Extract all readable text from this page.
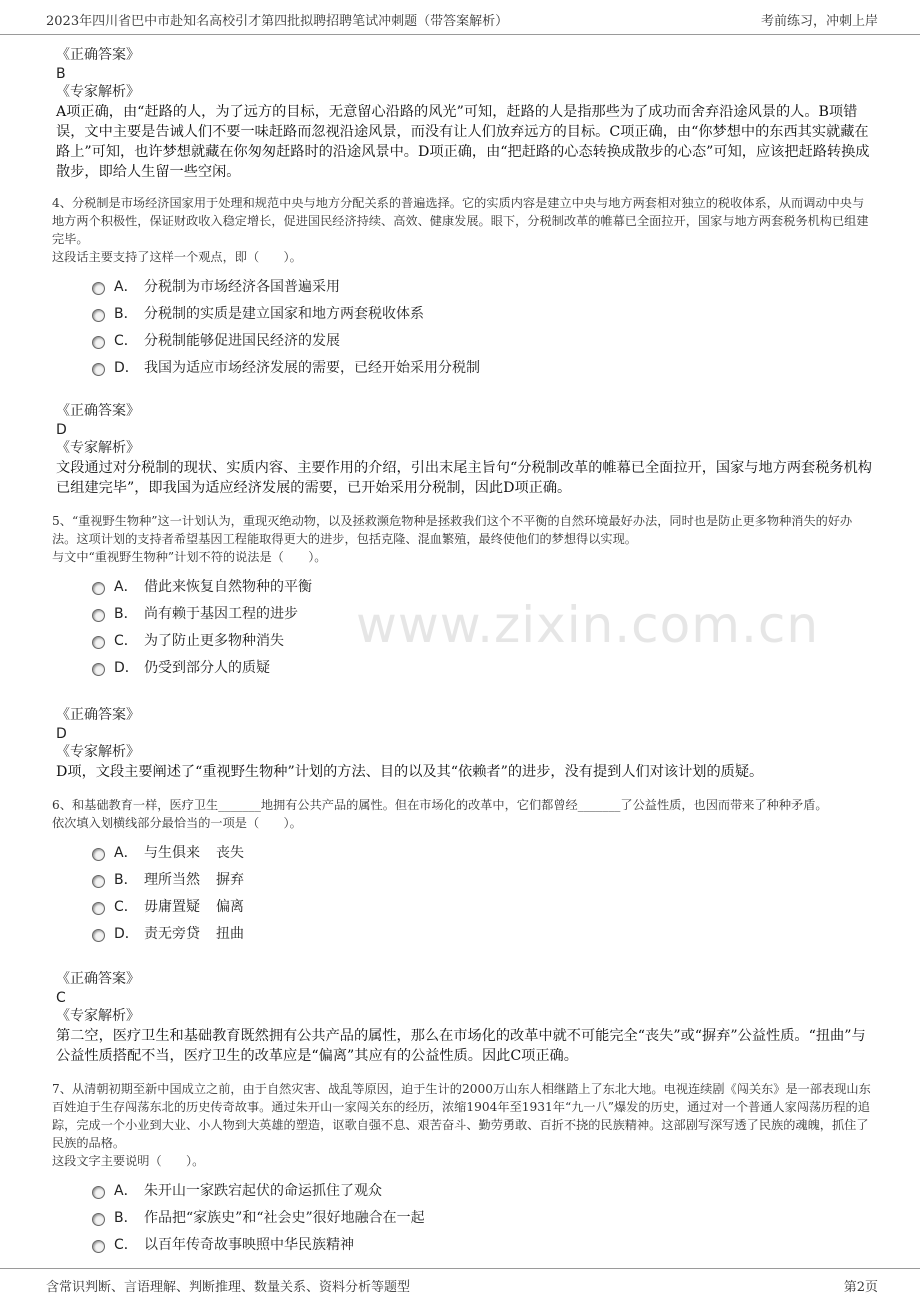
2023年四川省巴中市赴知名高校引才第四批拟聘招聘笔试冲刺题（带答案解析）	考前练习，冲刺上岸
《正确答案》
B
《专家解析》
A项正确，由“赶路的人，为了远方的目标，无意留心沿路的风光”可知，赶路的人是指那些为了成功而舍弃沿途风景的人。B项错误，文中主要是告诫人们不要一味赶路而忽视沿途风景，而没有让人们放弃远方的目标。C项正确，由“你梦想中的东西其实就藏在路上”可知，也许梦想就藏在你匆匆赶路时的沿途风景中。D项正确，由“把赶路的心态转换成散步的心态”可知，应该把赶路转换成散步，即给人生留一些空闲。
4、分税制是市场经济国家用于处理和规范中央与地方分配关系的普遍选择。它的实质内容是建立中央与地方两套相对独立的税收体系，从而调动中央与地方两个积极性，保证财政收入稳定增长，促进国民经济持续、高效、健康发展。眼下，分税制改革的帷幕已全面拉开，国家与地方两套税务机构已组建完毕。
这段话主要支持了这样一个观点，即（　　）。
A． 分税制为市场经济各国普遍采用
B． 分税制的实质是建立国家和地方两套税收体系
C． 分税制能够促进国民经济的发展
D． 我国为适应市场经济发展的需要，已经开始采用分税制
《正确答案》
D
《专家解析》
文段通过对分税制的现状、实质内容、主要作用的介绍，引出末尾主旨句“分税制改革的帷幕已全面拉开，国家与地方两套税务机构已组建完毕”，即我国为适应经济发展的需要，已开始采用分税制，因此D项正确。
5、“重视野生物种”这一计划认为，重现灭绝动物，以及拯救濒危物种是拯救我们这个不平衡的自然环境最好办法，同时也是防止更多物种消失的好办法。这项计划的支持者希望基因工程能取得更大的进步，包括克隆、混血繁殖，最终使他们的梦想得以实现。
与文中“重视野生物种”计划不符的说法是（　　）。
A． 借此来恢复自然物种的平衡
B． 尚有赖于基因工程的进步
C． 为了防止更多物种消失
D． 仍受到部分人的质疑
《正确答案》
D
《专家解析》
D项，文段主要阐述了“重视野生物种”计划的方法、目的以及其“依赖者”的进步，没有提到人们对该计划的质疑。
6、和基础教育一样，医疗卫生_______地拥有公共产品的属性。但在市场化的改革中，它们都曾经_______了公益性质，也因而带来了种种矛盾。
依次填入划横线部分最恰当的一项是（　　）。
A． 与生俱来 丧失
B． 理所当然 摒弃
C． 毋庸置疑 偏离
D． 责无旁贷 扭曲
《正确答案》
C
《专家解析》
第二空，医疗卫生和基础教育既然拥有公共产品的属性，那么在市场化的改革中就不可能完全“丧失”或“摒弃”公益性质。“扭曲”与公益性质搭配不当，医疗卫生的改革应是“偏离”其应有的公益性质。因此C项正确。
7、从清朝初期至新中国成立之前，由于自然灾害、战乱等原因，迫于生计的2000万山东人相继踏上了东北大地。电视连续剧《闯关东》是一部表现山东百姓迫于生存闯荡东北的历史传奇故事。通过朱开山一家闯关东的经历，浓缩1904年至1931年“九一八”爆发的历史，通过对一个普通人家闯荡历程的追踪，完成一个小业到大业、小人物到大英雄的塑造，讴歌自强不息、艰苦奋斗、勤劳勇敢、百折不挠的民族精神。这部剧写深写透了民族的魂魄，抓住了民族的品格。
这段文字主要说明（　　）。
A． 朱开山一家跌宕起伏的命运抓住了观众
B． 作品把“家族史”和“社会史”很好地融合在一起
C． 以百年传奇故事映照中华民族精神
www.zixin.com.cn
含常识判断、言语理解、判断推理、数量关系、资料分析等题型	第2页
